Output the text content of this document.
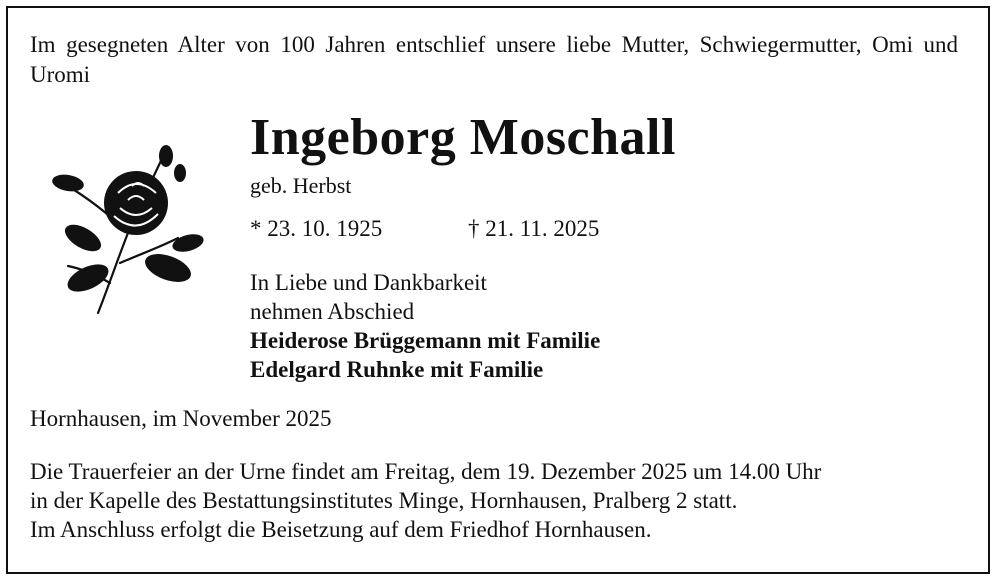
Im gesegneten Alter von 100 Jahren entschlief unsere liebe Mutter, Schwiegermutter, Omi und Uromi
Ingeborg Moschall
geb. Herbst
* 23. 10. 1925	† 21. 11. 2025
In Liebe und Dankbarkeit
nehmen Abschied
Heiderose Brüggemann mit Familie
Edelgard Ruhnke mit Familie
Hornhausen, im November 2025
Die Trauerfeier an der Urne findet am Freitag, dem 19. Dezember 2025 um 14.00 Uhr
in der Kapelle des Bestattungsinstitutes Minge, Hornhausen, Pralberg 2 statt.
Im Anschluss erfolgt die Beisetzung auf dem Friedhof Hornhausen.
